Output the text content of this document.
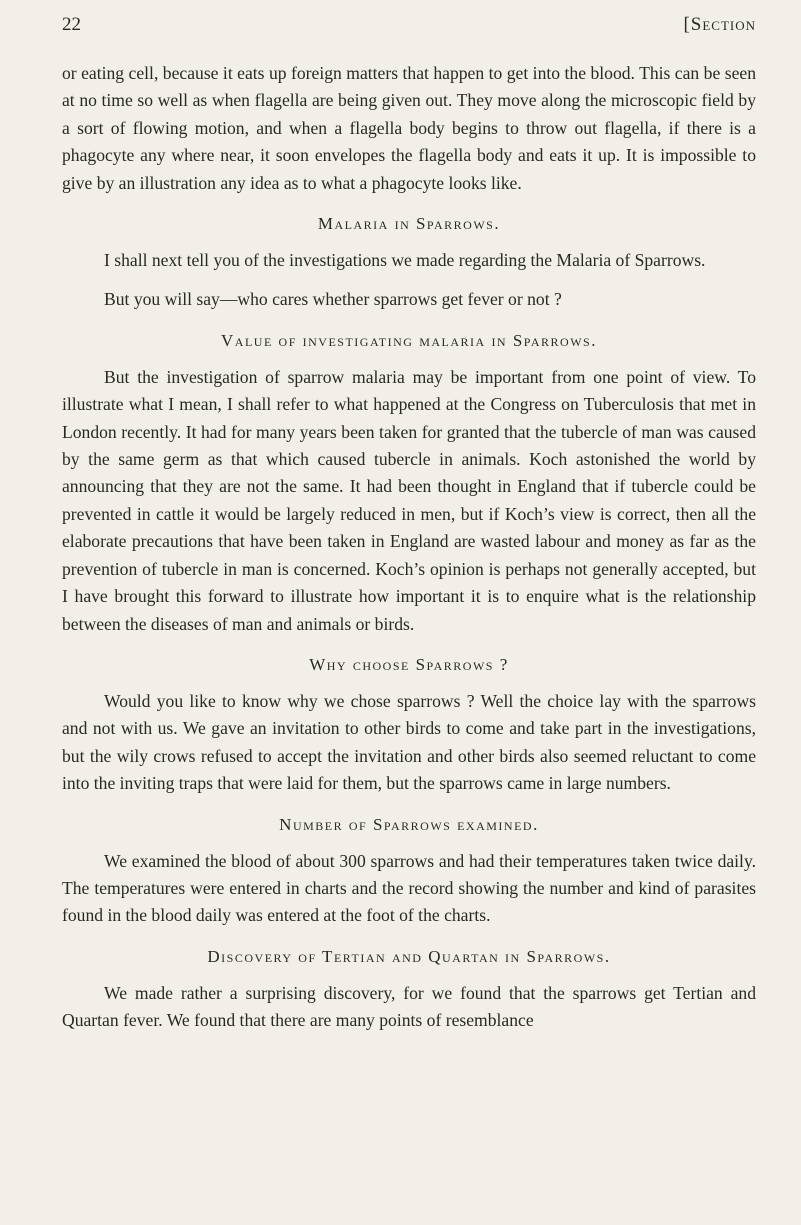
22	[Section

or eating cell, because it eats up foreign matters that happen to get into the blood. This can be seen at no time so well as when flagella are being given out. They move along the microscopic field by a sort of flowing motion, and when a flagella body begins to throw out flagella, if there is a phagocyte any where near, it soon envelopes the flagella body and eats it up. It is impossible to give by an illustration any idea as to what a phagocyte looks like.

Malaria in Sparrows.

I shall next tell you of the investigations we made regarding the Malaria of Sparrows.

But you will say—who cares whether sparrows get fever or not ?

Value of investigating malaria in Sparrows.

But the investigation of sparrow malaria may be important from one point of view. To illustrate what I mean, I shall refer to what happened at the Congress on Tuberculosis that met in London recently. It had for many years been taken for granted that the tubercle of man was caused by the same germ as that which caused tubercle in animals. Koch astonished the world by announcing that they are not the same. It had been thought in England that if tubercle could be prevented in cattle it would be largely reduced in men, but if Koch’s view is correct, then all the elaborate precautions that have been taken in England are wasted labour and money as far as the prevention of tubercle in man is concerned. Koch’s opinion is perhaps not generally accepted, but I have brought this forward to illustrate how important it is to enquire what is the relationship between the diseases of man and animals or birds.

Why choose Sparrows ?

Would you like to know why we chose sparrows ? Well the choice lay with the sparrows and not with us. We gave an invitation to other birds to come and take part in the investigations, but the wily crows refused to accept the invitation and other birds also seemed reluctant to come into the inviting traps that were laid for them, but the sparrows came in large numbers.

Number of Sparrows examined.

We examined the blood of about 300 sparrows and had their temperatures taken twice daily. The temperatures were entered in charts and the record showing the number and kind of parasites found in the blood daily was entered at the foot of the charts.

Discovery of Tertian and Quartan in Sparrows.

We made rather a surprising discovery, for we found that the sparrows get Tertian and Quartan fever. We found that there are many points of resemblance
